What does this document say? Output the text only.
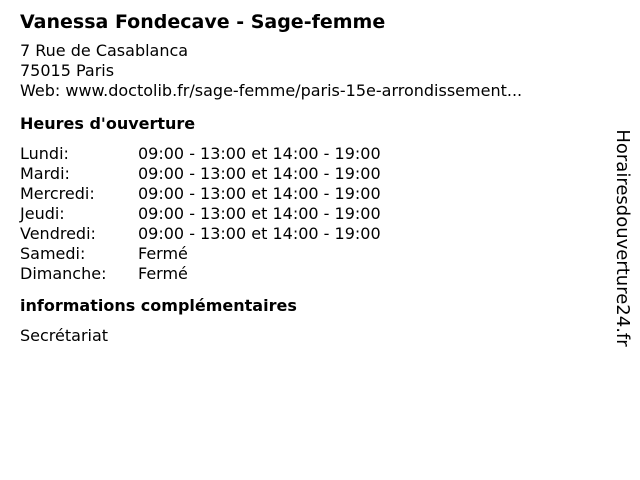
Vanessa Fondecave - Sage-femme
7 Rue de Casablanca
75015 Paris
Web: www.doctolib.fr/sage-femme/paris-15e-arrondissement...
Heures d'ouverture
Lundi:	09:00 - 13:00 et 14:00 - 19:00
Mardi:	09:00 - 13:00 et 14:00 - 19:00
Mercredi:	09:00 - 13:00 et 14:00 - 19:00
Jeudi:	09:00 - 13:00 et 14:00 - 19:00
Vendredi:	09:00 - 13:00 et 14:00 - 19:00
Samedi:	Fermé
Dimanche:	Fermé
informations complémentaires
Secrétariat	Horairesdouverture24.fr
